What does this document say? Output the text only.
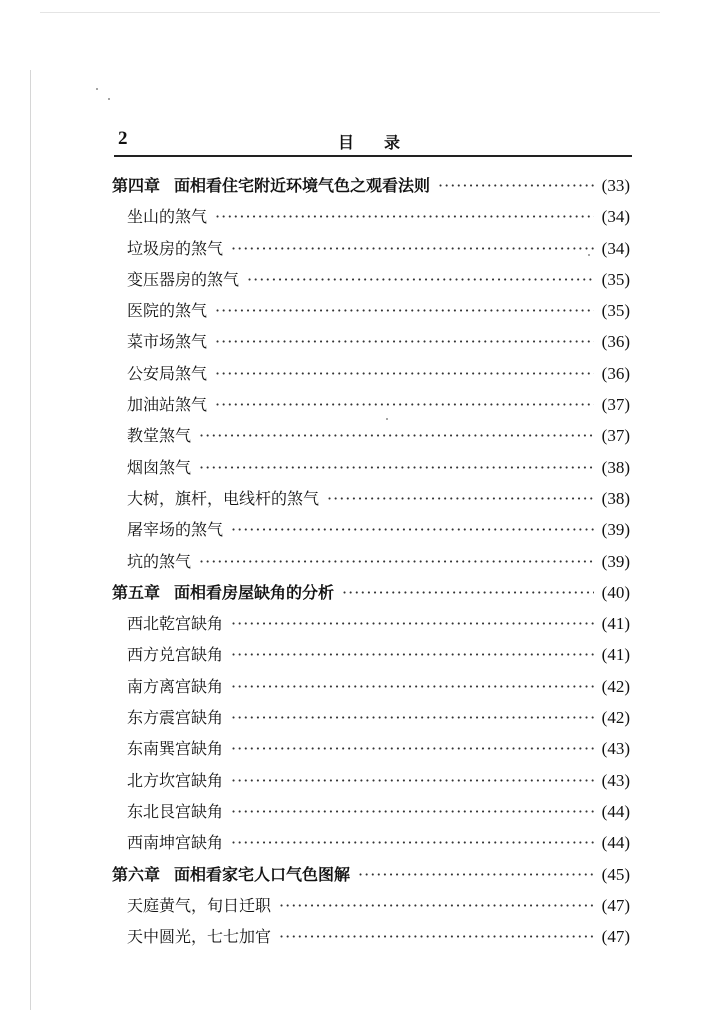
2	目录
第四章 面相看住宅附近环境气色之观看法则 ·····	(33)
坐山的煞气 ·····	(34)
垃圾房的煞气 ·····	(34)
变压器房的煞气 ·····	(35)
医院的煞气 ·····	(35)
菜市场煞气 ·····	(36)
公安局煞气 ·····	(36)
加油站煞气 ·····	(37)
教堂煞气 ·····	(37)
烟囱煞气 ·····	(38)
大树，旗杆，电线杆的煞气 ·····	(38)
屠宰场的煞气 ·····	(39)
坑的煞气 ·····	(39)
第五章 面相看房屋缺角的分析 ·····	(40)
西北乾宫缺角 ·····	(41)
西方兑宫缺角 ·····	(41)
南方离宫缺角 ·····	(42)
东方震宫缺角 ·····	(42)
东南巽宫缺角 ·····	(43)
北方坎宫缺角 ·····	(43)
东北艮宫缺角 ·····	(44)
西南坤宫缺角 ·····	(44)
第六章 面相看家宅人口气色图解 ·····	(45)
天庭黄气，旬日迁职 ·····	(47)
天中圆光，七七加官 ·····	(47)
